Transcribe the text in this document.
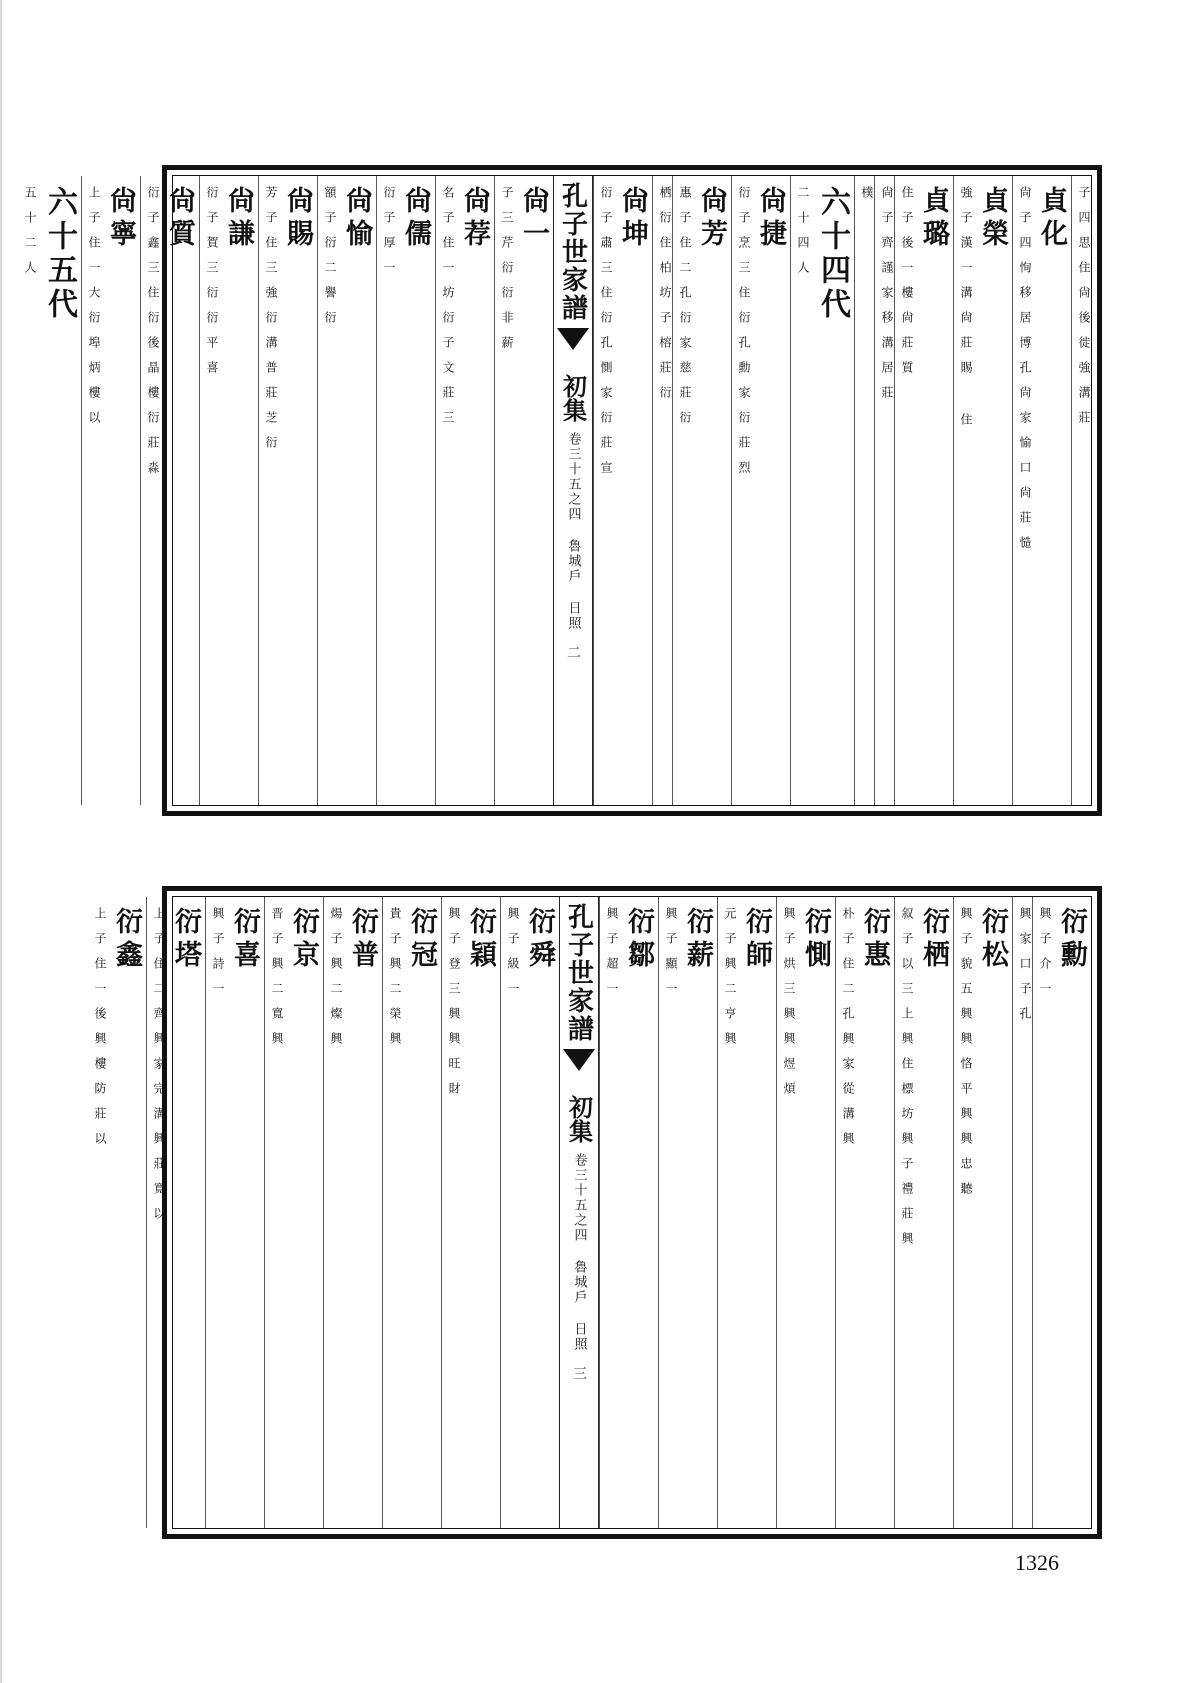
子四思住尙後徙強溝莊
貞化
尙子四恂移居博孔尙家愉口尙莊慥
貞榮
強子漢一溝尙莊賜 住
貞璐
住子後一樓尙莊質
尙子齊謹家移溝居莊
樸
六十四代
二十四人
尙捷
衍子烹三住衍孔勳家衍莊烈
尙芳
惠子住二孔衍家慈莊衍
栖衍住柏坊子榕莊衍
尙坤
衍子肅三住衍孔惻家衍莊宣
孔子世家譜
初集
卷三十五之四 魯城戶 日照
二
尙一
子三芹衍衍非薪
尙荐
名子住一坊衍子文莊三
尙儒
衍子厚一
尙愉
額子衍二譽衍
尙賜
芳子住三強衍溝普莊芝衍
尙謙
衍子賀三衍衍平喜
尙質
衍子鑫三住衍後晶樓衍莊淼
尙寧
上子住一大衍埠炳樓以
六十五代
五十二人
衍勳
興子介一
興家口子孔
衍松
興子貌五興興恪平興興忠聽
衍栖
叙子以三上興住標坊興子禮莊興
衍惠
朴子住二孔興家從溝興
衍惻
興子烘三興興煜煩
衍師
元子興二亨興
衍薪
興子顯一
衍鄒
興子超一
孔子世家譜
初集
卷三十五之四 魯城戶 日照
三
衍舜
興子級一
衍穎
興子登三興興旺財
衍冠
貴子興二榮興
衍普
煬子興二燦興
衍京
晋子興二寬興
衍喜
興子詩一
衍塔
上子住二齊興家完溝興莊寬以
衍鑫
上子住一後興樓防莊以
1326
